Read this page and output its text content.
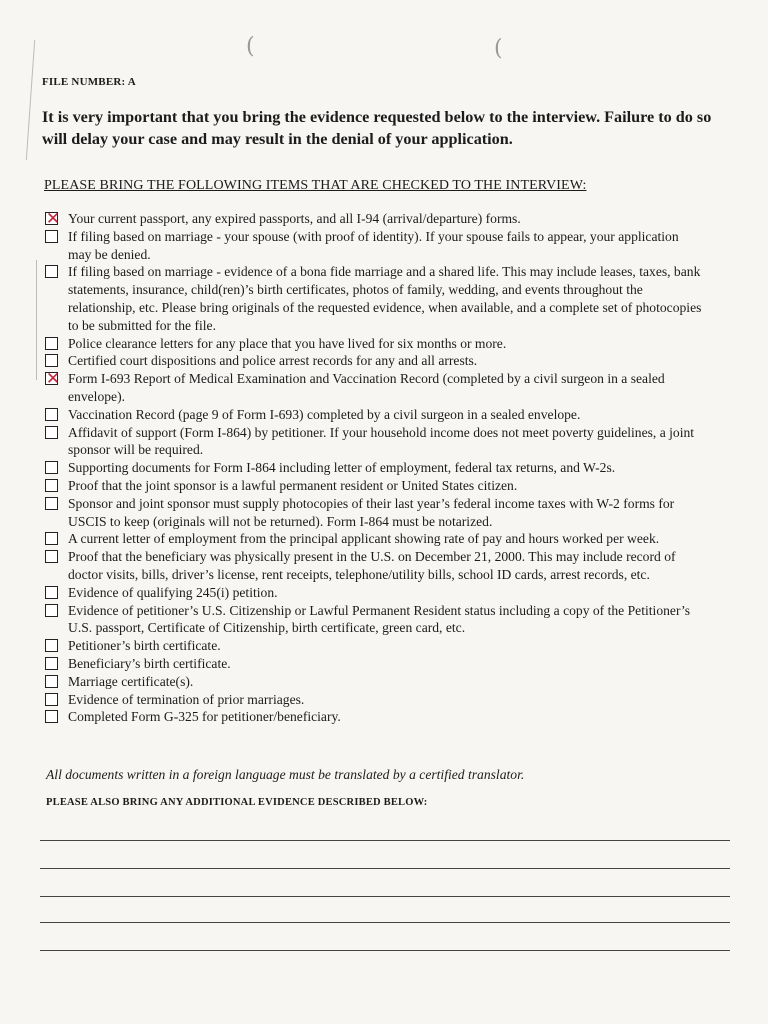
(	(
FILE NUMBER: A
It is very important that you bring the evidence requested below to the interview. Failure to do so will delay your case and may result in the denial of your application.
PLEASE BRING THE FOLLOWING ITEMS THAT ARE CHECKED TO THE INTERVIEW:
✕ Your current passport, any expired passports, and all I-94 (arrival/departure) forms.
If filing based on marriage - your spouse (with proof of identity). If your spouse fails to appear, your application may be denied.
If filing based on marriage - evidence of a bona fide marriage and a shared life. This may include leases, taxes, bank statements, insurance, child(ren)’s birth certificates, photos of family, wedding, and events throughout the relationship, etc. Please bring originals of the requested evidence, when available, and a complete set of photocopies to be submitted for the file.
Police clearance letters for any place that you have lived for six months or more.
Certified court dispositions and police arrest records for any and all arrests.
✕ Form I-693 Report of Medical Examination and Vaccination Record (completed by a civil surgeon in a sealed envelope).
Vaccination Record (page 9 of Form I-693) completed by a civil surgeon in a sealed envelope.
Affidavit of support (Form I-864) by petitioner. If your household income does not meet poverty guidelines, a joint sponsor will be required.
Supporting documents for Form I-864 including letter of employment, federal tax returns, and W-2s.
Proof that the joint sponsor is a lawful permanent resident or United States citizen.
Sponsor and joint sponsor must supply photocopies of their last year’s federal income taxes with W-2 forms for USCIS to keep (originals will not be returned). Form I-864 must be notarized.
A current letter of employment from the principal applicant showing rate of pay and hours worked per week.
Proof that the beneficiary was physically present in the U.S. on December 21, 2000. This may include record of doctor visits, bills, driver’s license, rent receipts, telephone/utility bills, school ID cards, arrest records, etc.
Evidence of qualifying 245(i) petition.
Evidence of petitioner’s U.S. Citizenship or Lawful Permanent Resident status including a copy of the Petitioner’s U.S. passport, Certificate of Citizenship, birth certificate, green card, etc.
Petitioner’s birth certificate.
Beneficiary’s birth certificate.
Marriage certificate(s).
Evidence of termination of prior marriages.
Completed Form G-325 for petitioner/beneficiary.
All documents written in a foreign language must be translated by a certified translator.
PLEASE ALSO BRING ANY ADDITIONAL EVIDENCE DESCRIBED BELOW:
